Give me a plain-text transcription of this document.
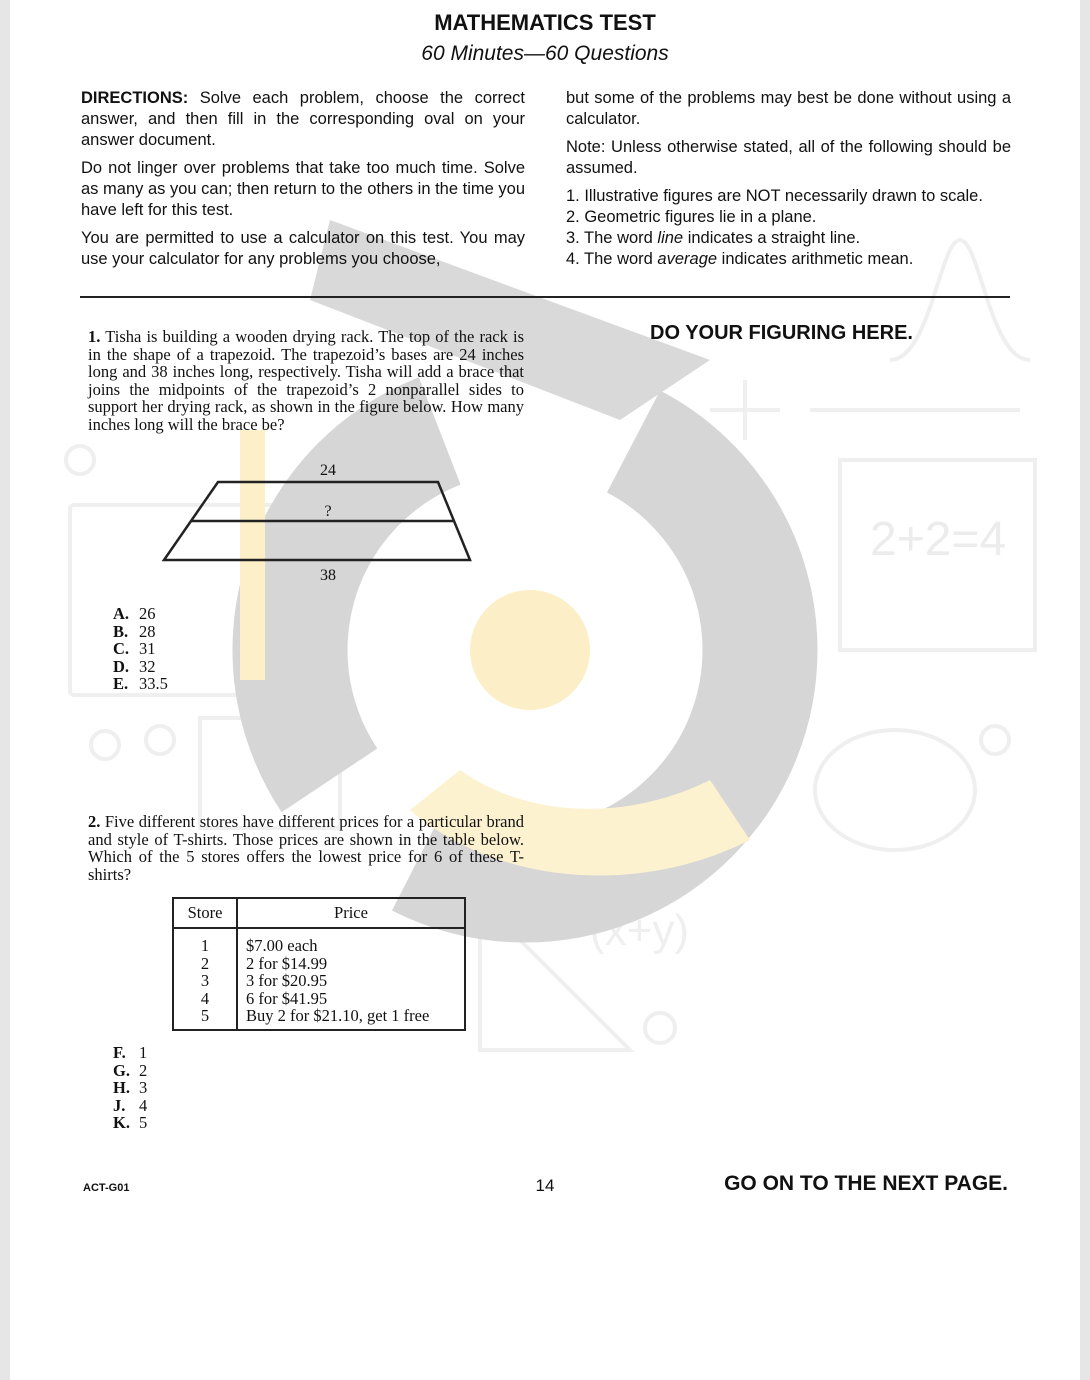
2+2=4
(x+y)
MATHEMATICS TEST
60 Minutes—60 Questions

DIRECTIONS: Solve each problem, choose the correct answer, and then fill in the corresponding oval on your answer document.

Do not linger over problems that take too much time. Solve as many as you can; then return to the others in the time you have left for this test.

You are permitted to use a calculator on this test. You may use your calculator for any problems you choose,

but some of the problems may best be done without using a calculator.

Note: Unless otherwise stated, all of the following should be assumed.

1. Illustrative figures are NOT necessarily drawn to scale.
2. Geometric figures lie in a plane.
3. The word line indicates a straight line.
4. The word average indicates arithmetic mean.
DO YOUR FIGURING HERE.
1. Tisha is building a wooden drying rack. The top of the rack is in the shape of a trapezoid. The trapezoid’s bases are 24 inches long and 38 inches long, respectively. Tisha will add a brace that joins the midpoints of the trapezoid’s 2 nonparallel sides to support her drying rack, as shown in the figure below. How many inches long will the brace be?
24
?
38
A. 26
B. 28
C. 31
D. 32
E. 33.5
2. Five different stores have different prices for a particular brand and style of T-shirts. Those prices are shown in the table below. Which of the 5 stores offers the lowest price for 6 of these T-shirts?
Store	Price
1	$7.00 each
2	2 for $14.99
3	3 for $20.95
4	6 for $41.95
5	Buy 2 for $21.10, get 1 free
F. 1
G. 2
H. 3
J. 4
K. 5
ACT-G01	14	GO ON TO THE NEXT PAGE.
